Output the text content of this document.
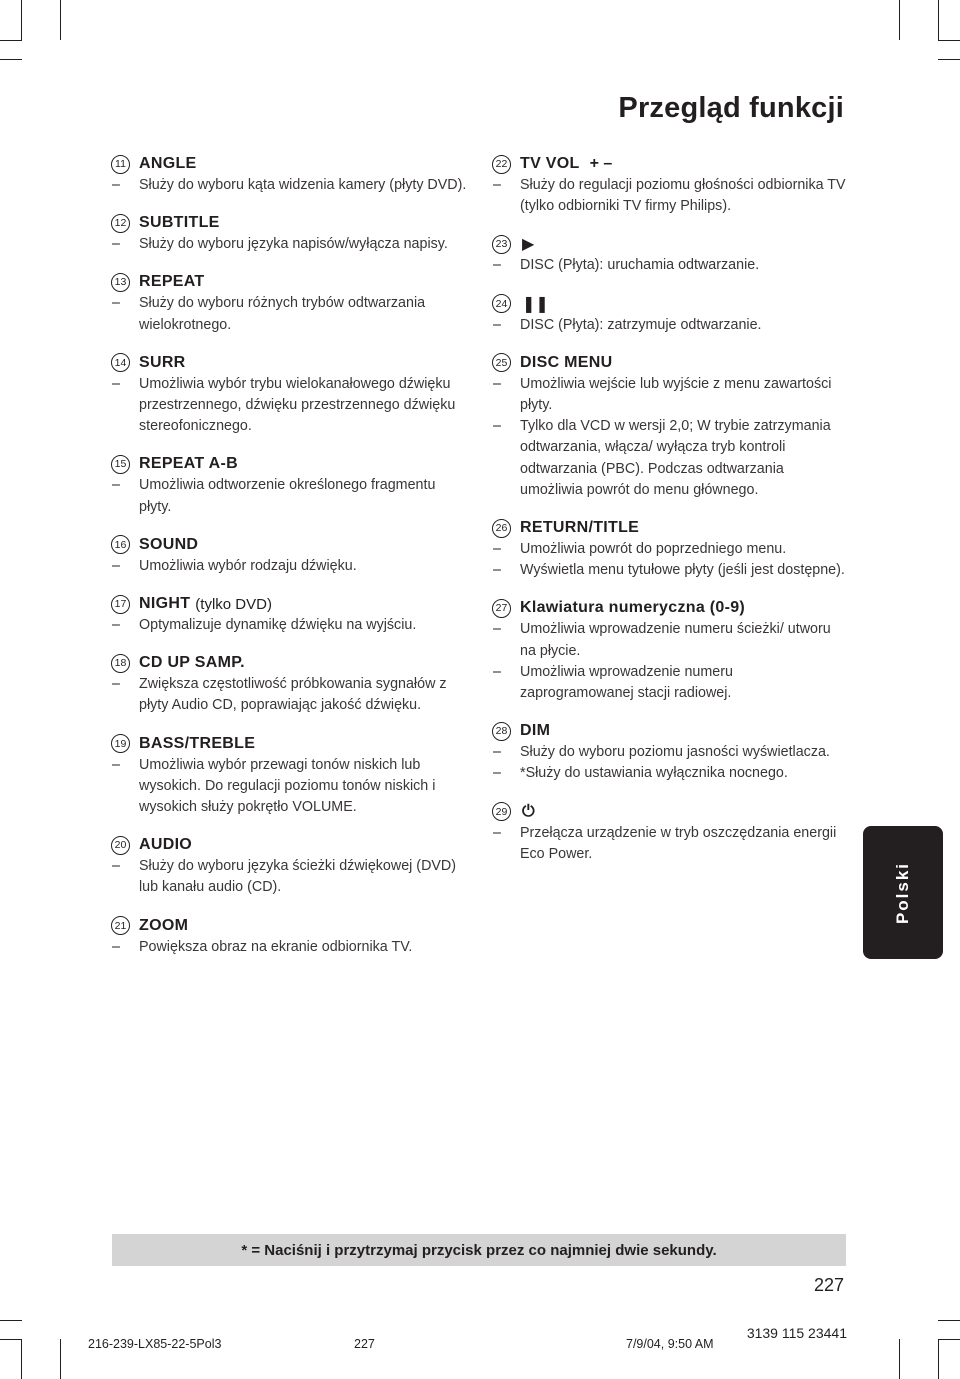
Przegląd funkcji
11 ANGLE
– Służy do wyboru kąta widzenia kamery (płyty DVD).
12 SUBTITLE
– Służy do wyboru języka napisów/wyłącza napisy.
13 REPEAT
– Służy do wyboru różnych trybów odtwarzania wielokrotnego.
14 SURR
– Umożliwia wybór trybu wielokanałowego dźwięku przestrzennego, dźwięku przestrzennego dźwięku stereofonicznego.
15 REPEAT A-B
– Umożliwia odtworzenie określonego fragmentu płyty.
16 SOUND
– Umożliwia wybór rodzaju dźwięku.
17 NIGHT (tylko DVD)
– Optymalizuje dynamikę dźwięku na wyjściu.
18 CD UP SAMP.
– Zwiększa częstotliwość próbkowania sygnałów z płyty Audio CD, poprawiając jakość dźwięku.
19 BASS/TREBLE
– Umożliwia wybór przewagi tonów niskich lub wysokich. Do regulacji poziomu tonów niskich i wysokich służy pokrętło VOLUME.
20 AUDIO
– Służy do wyboru języka ścieżki dźwiękowej (DVD) lub kanału audio (CD).
21 ZOOM
– Powiększa obraz na ekranie odbiornika TV.
22 TV VOL + –
– Służy do regulacji poziomu głośności odbiornika TV (tylko odbiorniki TV firmy Philips).
23 ▶
– DISC (Płyta): uruchamia odtwarzanie.
24 ❚❚
– DISC (Płyta): zatrzymuje odtwarzanie.
25 DISC MENU
– Umożliwia wejście lub wyjście z menu zawartości płyty.
– Tylko dla VCD w wersji 2,0; W trybie zatrzymania odtwarzania, włącza/ wyłącza tryb kontroli odtwarzania (PBC). Podczas odtwarzania umożliwia powrót do menu głównego.
26 RETURN/TITLE
– Umożliwia powrót do poprzedniego menu.
– Wyświetla menu tytułowe płyty (jeśli jest dostępne).
27 Klawiatura numeryczna (0-9)
– Umożliwia wprowadzenie numeru ścieżki/ utworu na płycie.
– Umożliwia wprowadzenie numeru zaprogramowanej stacji radiowej.
28 DIM
– Służy do wyboru poziomu jasności wyświetlacza.
– *Służy do ustawiania wyłącznika nocnego.
29 ⏻
– Przełącza urządzenie w tryb oszczędzania energii Eco Power.
Polski
* = Naciśnij i przytrzymaj przycisk przez co najmniej dwie sekundy.
227
216-239-LX85-22-5Pol3	227	7/9/04, 9:50 AM
3139 115 23441
